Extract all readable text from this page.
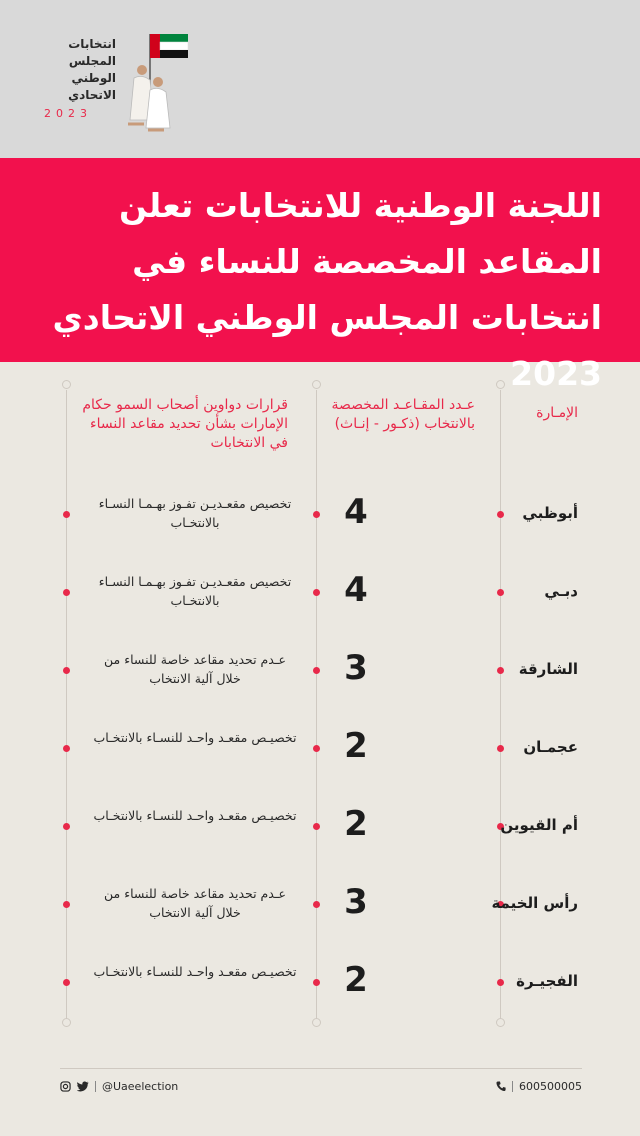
انتخابات
المجلس
الوطني
الاتحادي
2023
اللجنة الوطنية للانتخابات تعلن المقاعد المخصصة للنساء في انتخابات المجلس الوطني الاتحادي 2023
الإمـارة
عـدد المقـاعـد المخصصة بالانتخاب (ذكـور - إنـاث)
قرارات دواوين أصحاب السمو حكام الإمارات بشأن تحديد مقاعد النساء في الانتخابات
أبوظبي
4
تخصيص مقعـديـن تفـوز بهـمـا النسـاء بالانتخـاب
دبـي
4
تخصيص مقعـديـن تفـوز بهـمـا النسـاء بالانتخـاب
الشارقة
3
عـدم تحديد مقاعد خاصة للنساء من خلال آلية الانتخاب
عجمـان
2
تخصيـص مقعـد واحـد للنسـاء بالانتخـاب
أم القيوين
2
تخصيـص مقعـد واحـد للنسـاء بالانتخـاب
رأس الخيمة
3
عـدم تحديد مقاعد خاصة للنساء من خلال آلية الانتخاب
الفجيـرة
2
تخصيـص مقعـد واحـد للنسـاء بالانتخـاب
@Uaeelection	600500005
